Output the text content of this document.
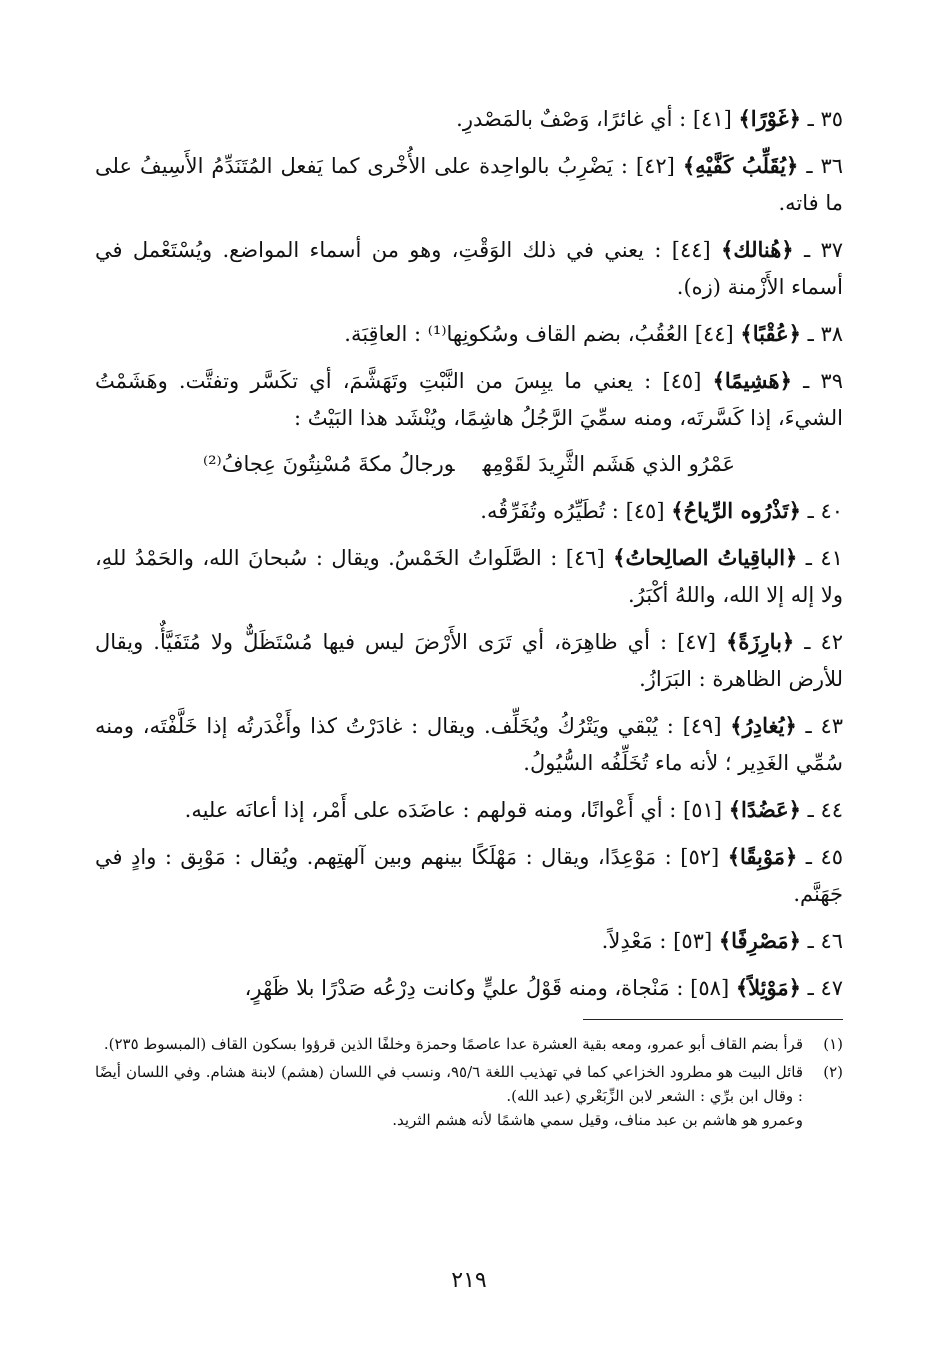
٣٥ ـ ﴿غَوْرًا﴾ [٤١] : أي غائرًا، وَصْفٌ بالمَصْدرِ.

٣٦ ـ ﴿يُقَلِّبُ كَفَّيْهِ﴾ [٤٢] : يَضْرِبُ بالواحِدة على الأُخْرى كما يَفعل المُتَنَدِّمُ الأَسِيفُ على ما فاته.

٣٧ ـ ﴿هُنالك﴾ [٤٤] : يعني في ذلك الوَقْتِ، وهو من أسماء المواضع. ويُسْتَعْمل في أسماء الأَزْمنة (زه).

٣٨ ـ ﴿عُقْبًا﴾ [٤٤] العُقُبُ، بضم القاف وسُكونِها⁽¹⁾ : العاقِبَة.

٣٩ ـ ﴿هَشِيمًا﴾ [٤٥] : يعني ما يبِسَ من النَّبْتِ وتَهَشَّمَ، أي تكَسَّر وتفتَّت. وهَشَمْتُ الشيءَ، إذا كَسَّرتَه، ومنه سمِّيَ الرَّجُلُ هاشِمًا، ويُنْشَد هذا البَيْتُ :

عَمْرُو الذي هَشَم الثَّرِيدَ لقَوْمِهورجالُ مكةَ مُسْنِتُونَ عِجافُ⁽²⁾

٤٠ ـ ﴿تَذْرُوه الرِّياحُ﴾ [٤٥] : تُطَيِّرُه وتُفَرِّقُه.

٤١ ـ ﴿الباقِياتُ الصالِحاتُ﴾ [٤٦] : الصَّلَواتُ الخَمْسُ. ويقال : سُبحانَ الله، والحَمْدُ للهِ، ولا إله إلا الله، واللهُ أكْبَرُ.

٤٢ ـ ﴿بارِزَةً﴾ [٤٧] : أي ظاهِرَة، أي تَرَى الأَرْضَ ليس فيها مُسْتَظَلٌّ ولا مُتَفَيَّأٌ. ويقال للأرض الظاهرة : البَرَازُ.

٤٣ ـ ﴿يُغادِرُ﴾ [٤٩] : يُبْقي ويَتْرُكُ ويُخَلِّف. ويقال : غادَرْتُ كذا وأَغْدَرتُه إذا خَلَّفْتَه، ومنه سُمِّي الغَدِير ؛ لأنه ماء تُخَلِّفُه السُّيُولُ.

٤٤ ـ ﴿عَضُدًا﴾ [٥١] : أي أَعْوانًا، ومنه قولهم : عاضَدَه على أَمْر، إذا أعانَه عليه.

٤٥ ـ ﴿مَوْبِقًا﴾ [٥٢] : مَوْعِدًا، ويقال : مَهْلَكًا بينهم وبين آلهتِهم. ويُقال : مَوْبِق : وادٍ في جَهَنَّم.

٤٦ ـ ﴿مَصْرِفًا﴾ [٥٣] : مَعْدِلاً.

٤٧ ـ ﴿مَوْئِلاً﴾ [٥٨] : مَنْجاة، ومنه قَوْلُ عليٍّ وكانت دِرْعُه صَدْرًا بلا ظَهْرٍ،

(١)
قرأ بضم القاف أبو عمرو، ومعه بقية العشرة عدا عاصمًا وحمزة وخلفًا الذين قرؤوا بسكون القاف (المبسوط ٢٣٥).
(٢)
قائل البيت هو مطرود الخزاعي كما في تهذيب اللغة ٩٥/٦، ونسب في اللسان (هشم) لابنة هشام. وفي اللسان أيضًا : وقال ابن برِّي : الشعر لابن الزِّبَعْري (عبد الله).
وعمرو هو هاشم بن عبد مناف، وقيل سمي هاشمًا لأنه هشم الثريد.
٢١٩
